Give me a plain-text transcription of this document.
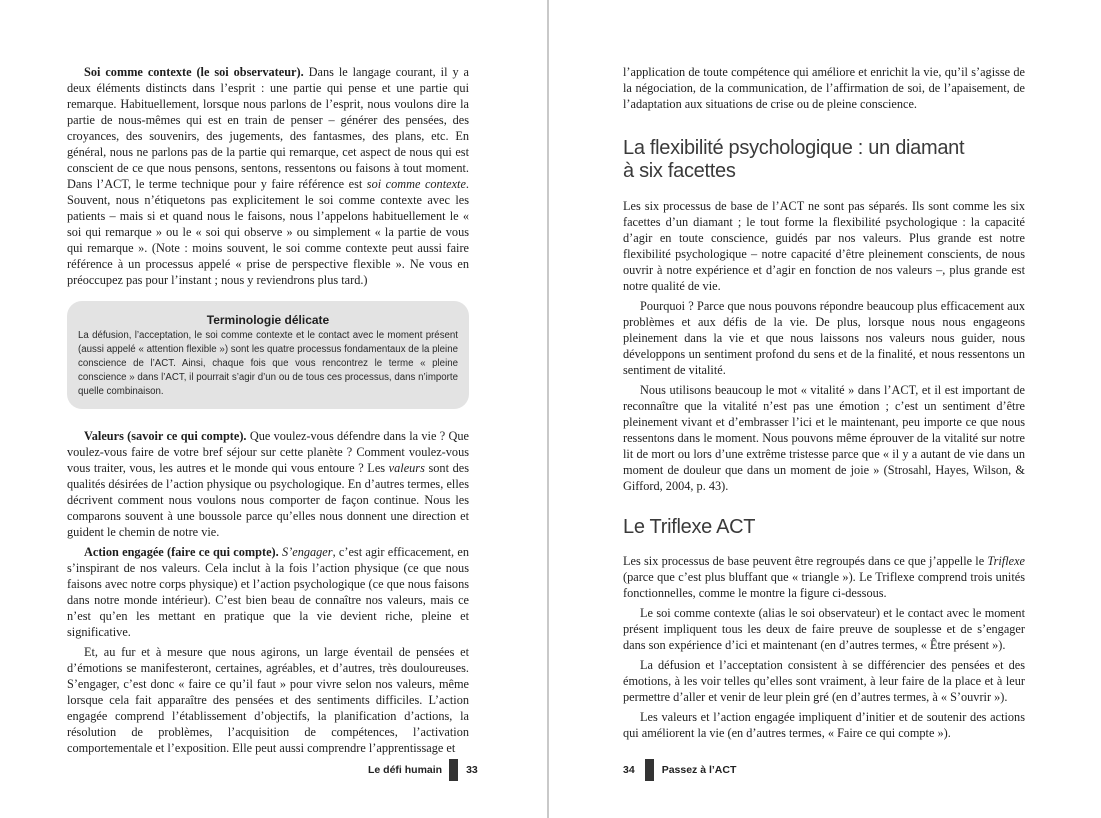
Soi comme contexte (le soi observateur). Dans le langage courant, il y a deux éléments distincts dans l’esprit : une partie qui pense et une partie qui remarque. Habituellement, lorsque nous parlons de l’esprit, nous voulons dire la partie de nous-mêmes qui est en train de penser – générer des pensées, des croyances, des souvenirs, des jugements, des fantasmes, des plans, etc. En général, nous ne parlons pas de la partie qui remarque, cet aspect de nous qui est conscient de ce que nous pensons, sentons, ressentons ou faisons à tout moment. Dans l’ACT, le terme technique pour y faire référence est soi comme contexte. Souvent, nous n’étiquetons pas explicitement le soi comme contexte avec les patients – mais si et quand nous le faisons, nous l’appelons habituellement le « soi qui remarque » ou le « soi qui observe » ou simplement « la partie de vous qui remarque ». (Note : moins souvent, le soi comme contexte peut aussi faire référence à un processus appelé « prise de perspective flexible ». Ne vous en préoccupez pas pour l’instant ; nous y reviendrons plus tard.)

Terminologie délicate
La défusion, l’acceptation, le soi comme contexte et le contact avec le moment présent (aussi appelé « attention flexible ») sont les quatre processus fondamentaux de la pleine conscience de l’ACT. Ainsi, chaque fois que vous rencontrez le terme « pleine conscience » dans l’ACT, il pourrait s’agir d’un ou de tous ces processus, dans n’importe quelle combinaison.

Valeurs (savoir ce qui compte). Que voulez-vous défendre dans la vie ? Que voulez-vous faire de votre bref séjour sur cette planète ? Comment voulez-vous vous traiter, vous, les autres et le monde qui vous entoure ? Les valeurs sont des qualités désirées de l’action physique ou psychologique. En d’autres termes, elles décrivent comment nous voulons nous comporter de façon continue. Nous les comparons souvent à une boussole parce qu’elles nous donnent une direction et guident le chemin de notre vie.

Action engagée (faire ce qui compte). S’engager, c’est agir efficacement, en s’inspirant de nos valeurs. Cela inclut à la fois l’action physique (ce que nous faisons avec notre corps physique) et l’action psychologique (ce que nous faisons dans notre monde intérieur). C’est bien beau de connaître nos valeurs, mais ce n’est qu’en les mettant en pratique que la vie devient riche, pleine et significative.

Et, au fur et à mesure que nous agirons, un large éventail de pensées et d’émotions se manifesteront, certaines, agréables, et d’autres, très douloureuses. S’engager, c’est donc « faire ce qu’il faut » pour vivre selon nos valeurs, même lorsque cela fait apparaître des pensées et des sentiments difficiles. L’action engagée comprend l’établissement d’objectifs, la planification d’actions, la résolution de problèmes, l’acquisition de compétences, l’activation comportementale et l’exposition. Elle peut aussi comprendre l’apprentissage et

Le défi humain 33

l’application de toute compétence qui améliore et enrichit la vie, qu’il s’agisse de la négociation, de la communication, de l’affirmation de soi, de l’apaisement, de l’adaptation aux situations de crise ou de pleine conscience.

La flexibilité psychologique : un diamant
à six facettes

Les six processus de base de l’ACT ne sont pas séparés. Ils sont comme les six facettes d’un diamant ; le tout forme la flexibilité psychologique : la capacité d’agir en toute conscience, guidés par nos valeurs. Plus grande est notre flexibilité psychologique – notre capacité d’être pleinement conscients, de nous ouvrir à notre expérience et d’agir en fonction de nos valeurs –, plus grande est notre qualité de vie.

Pourquoi ? Parce que nous pouvons répondre beaucoup plus efficacement aux problèmes et aux défis de la vie. De plus, lorsque nous nous engageons pleinement dans la vie et que nous laissons nos valeurs nous guider, nous développons un sentiment profond du sens et de la finalité, et nous ressentons un sentiment de vitalité.

Nous utilisons beaucoup le mot « vitalité » dans l’ACT, et il est important de reconnaître que la vitalité n’est pas une émotion ; c’est un sentiment d’être pleinement vivant et d’embrasser l’ici et le maintenant, peu importe ce que nous ressentons dans le moment. Nous pouvons même éprouver de la vitalité sur notre lit de mort ou lors d’une extrême tristesse parce que « il y a autant de vie dans un moment de douleur que dans un moment de joie » (Strosahl, Hayes, Wilson, & Gifford, 2004, p. 43).

Le Triflexe ACT

Les six processus de base peuvent être regroupés dans ce que j’appelle le Triflexe (parce que c’est plus bluffant que « triangle »). Le Triflexe comprend trois unités fonctionnelles, comme le montre la figure ci-dessous.

Le soi comme contexte (alias le soi observateur) et le contact avec le moment présent impliquent tous les deux de faire preuve de souplesse et de s’engager dans son expérience d’ici et maintenant (en d’autres termes, « Être présent »).

La défusion et l’acceptation consistent à se différencier des pensées et des émotions, à les voir telles qu’elles sont vraiment, à leur faire de la place et à leur permettre d’aller et venir de leur plein gré (en d’autres termes, à « S’ouvrir »).

Les valeurs et l’action engagée impliquent d’initier et de soutenir des actions qui améliorent la vie (en d’autres termes, « Faire ce qui compte »).

34	Passez à l’ACT
